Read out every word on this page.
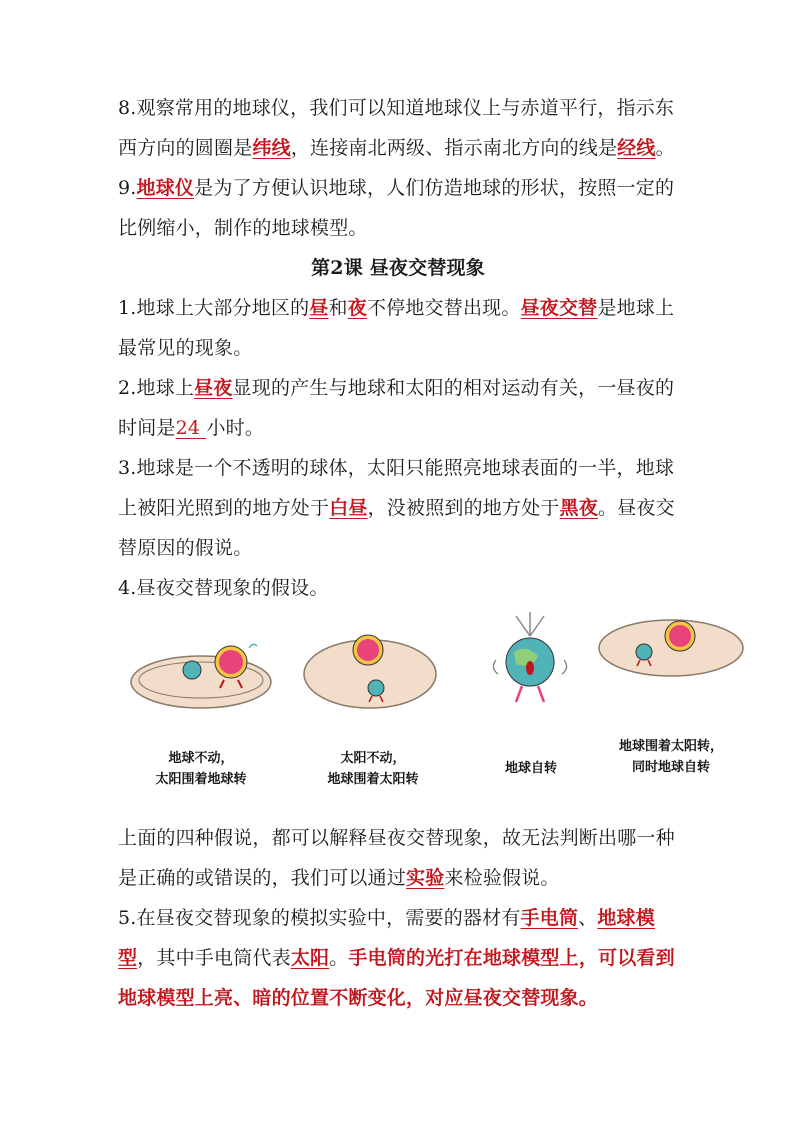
8.观察常用的地球仪，我们可以知道地球仪上与赤道平行，指示东西方向的圆圈是纬线，连接南北两级、指示南北方向的线是经线。

9.地球仪是为了方便认识地球，人们仿造地球的形状，按照一定的比例缩小，制作的地球模型。

第2课 昼夜交替现象

1.地球上大部分地区的昼和夜不停地交替出现。昼夜交替是地球上最常见的现象。

2.地球上昼夜显现的产生与地球和太阳的相对运动有关，一昼夜的时间是24 小时。

3.地球是一个不透明的球体，太阳只能照亮地球表面的一半，地球上被阳光照到的地方处于白昼，没被照到的地方处于黑夜。昼夜交替原因的假说。

4.昼夜交替现象的假设。

地球不动，
太阳围着地球转
太阳不动，
地球围着太阳转
地球自转
地球围着太阳转，
同时地球自转

上面的四种假说，都可以解释昼夜交替现象，故无法判断出哪一种是正确的或错误的，我们可以通过实验来检验假说。

5.在昼夜交替现象的模拟实验中，需要的器材有手电筒、地球模型，其中手电筒代表太阳。手电筒的光打在地球模型上，可以看到地球模型上亮、暗的位置不断变化，对应昼夜交替现象。
